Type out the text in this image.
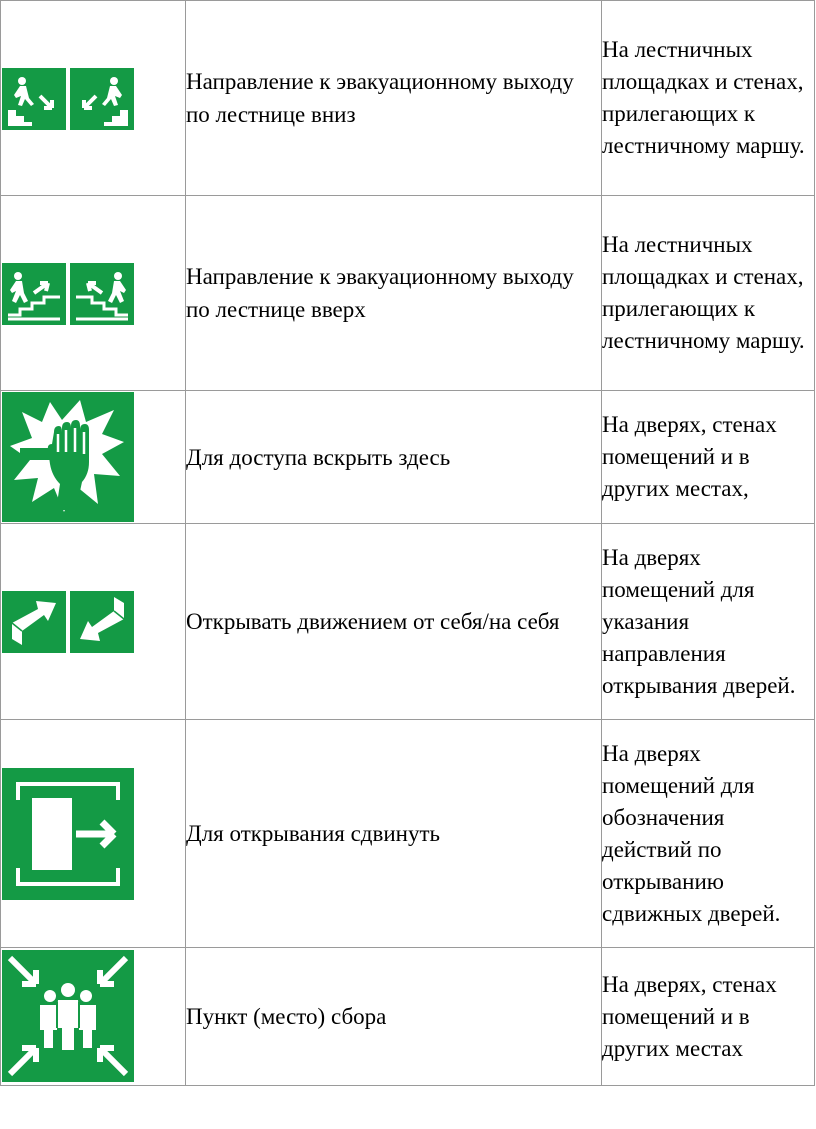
	Направление к эвакуационному выходу по лестнице вниз	На лестничных площадках и стенах, прилегающих к лестничному маршу.

	Направление к эвакуационному выходу по лестнице вверх	На лестничных площадках и стенах, прилегающих к лестничному маршу.

	Для доступа вскрыть здесь	На дверях, стенах помещений и в других местах,

	Открывать движением от себя/на себя	На дверях помещений для указания направления открывания дверей.

	Для открывания сдвинуть	На дверях помещений для обозначения действий по открыванию сдвижных дверей.

	Пункт (место) сбора	На дверях, стенах помещений и в других местах
